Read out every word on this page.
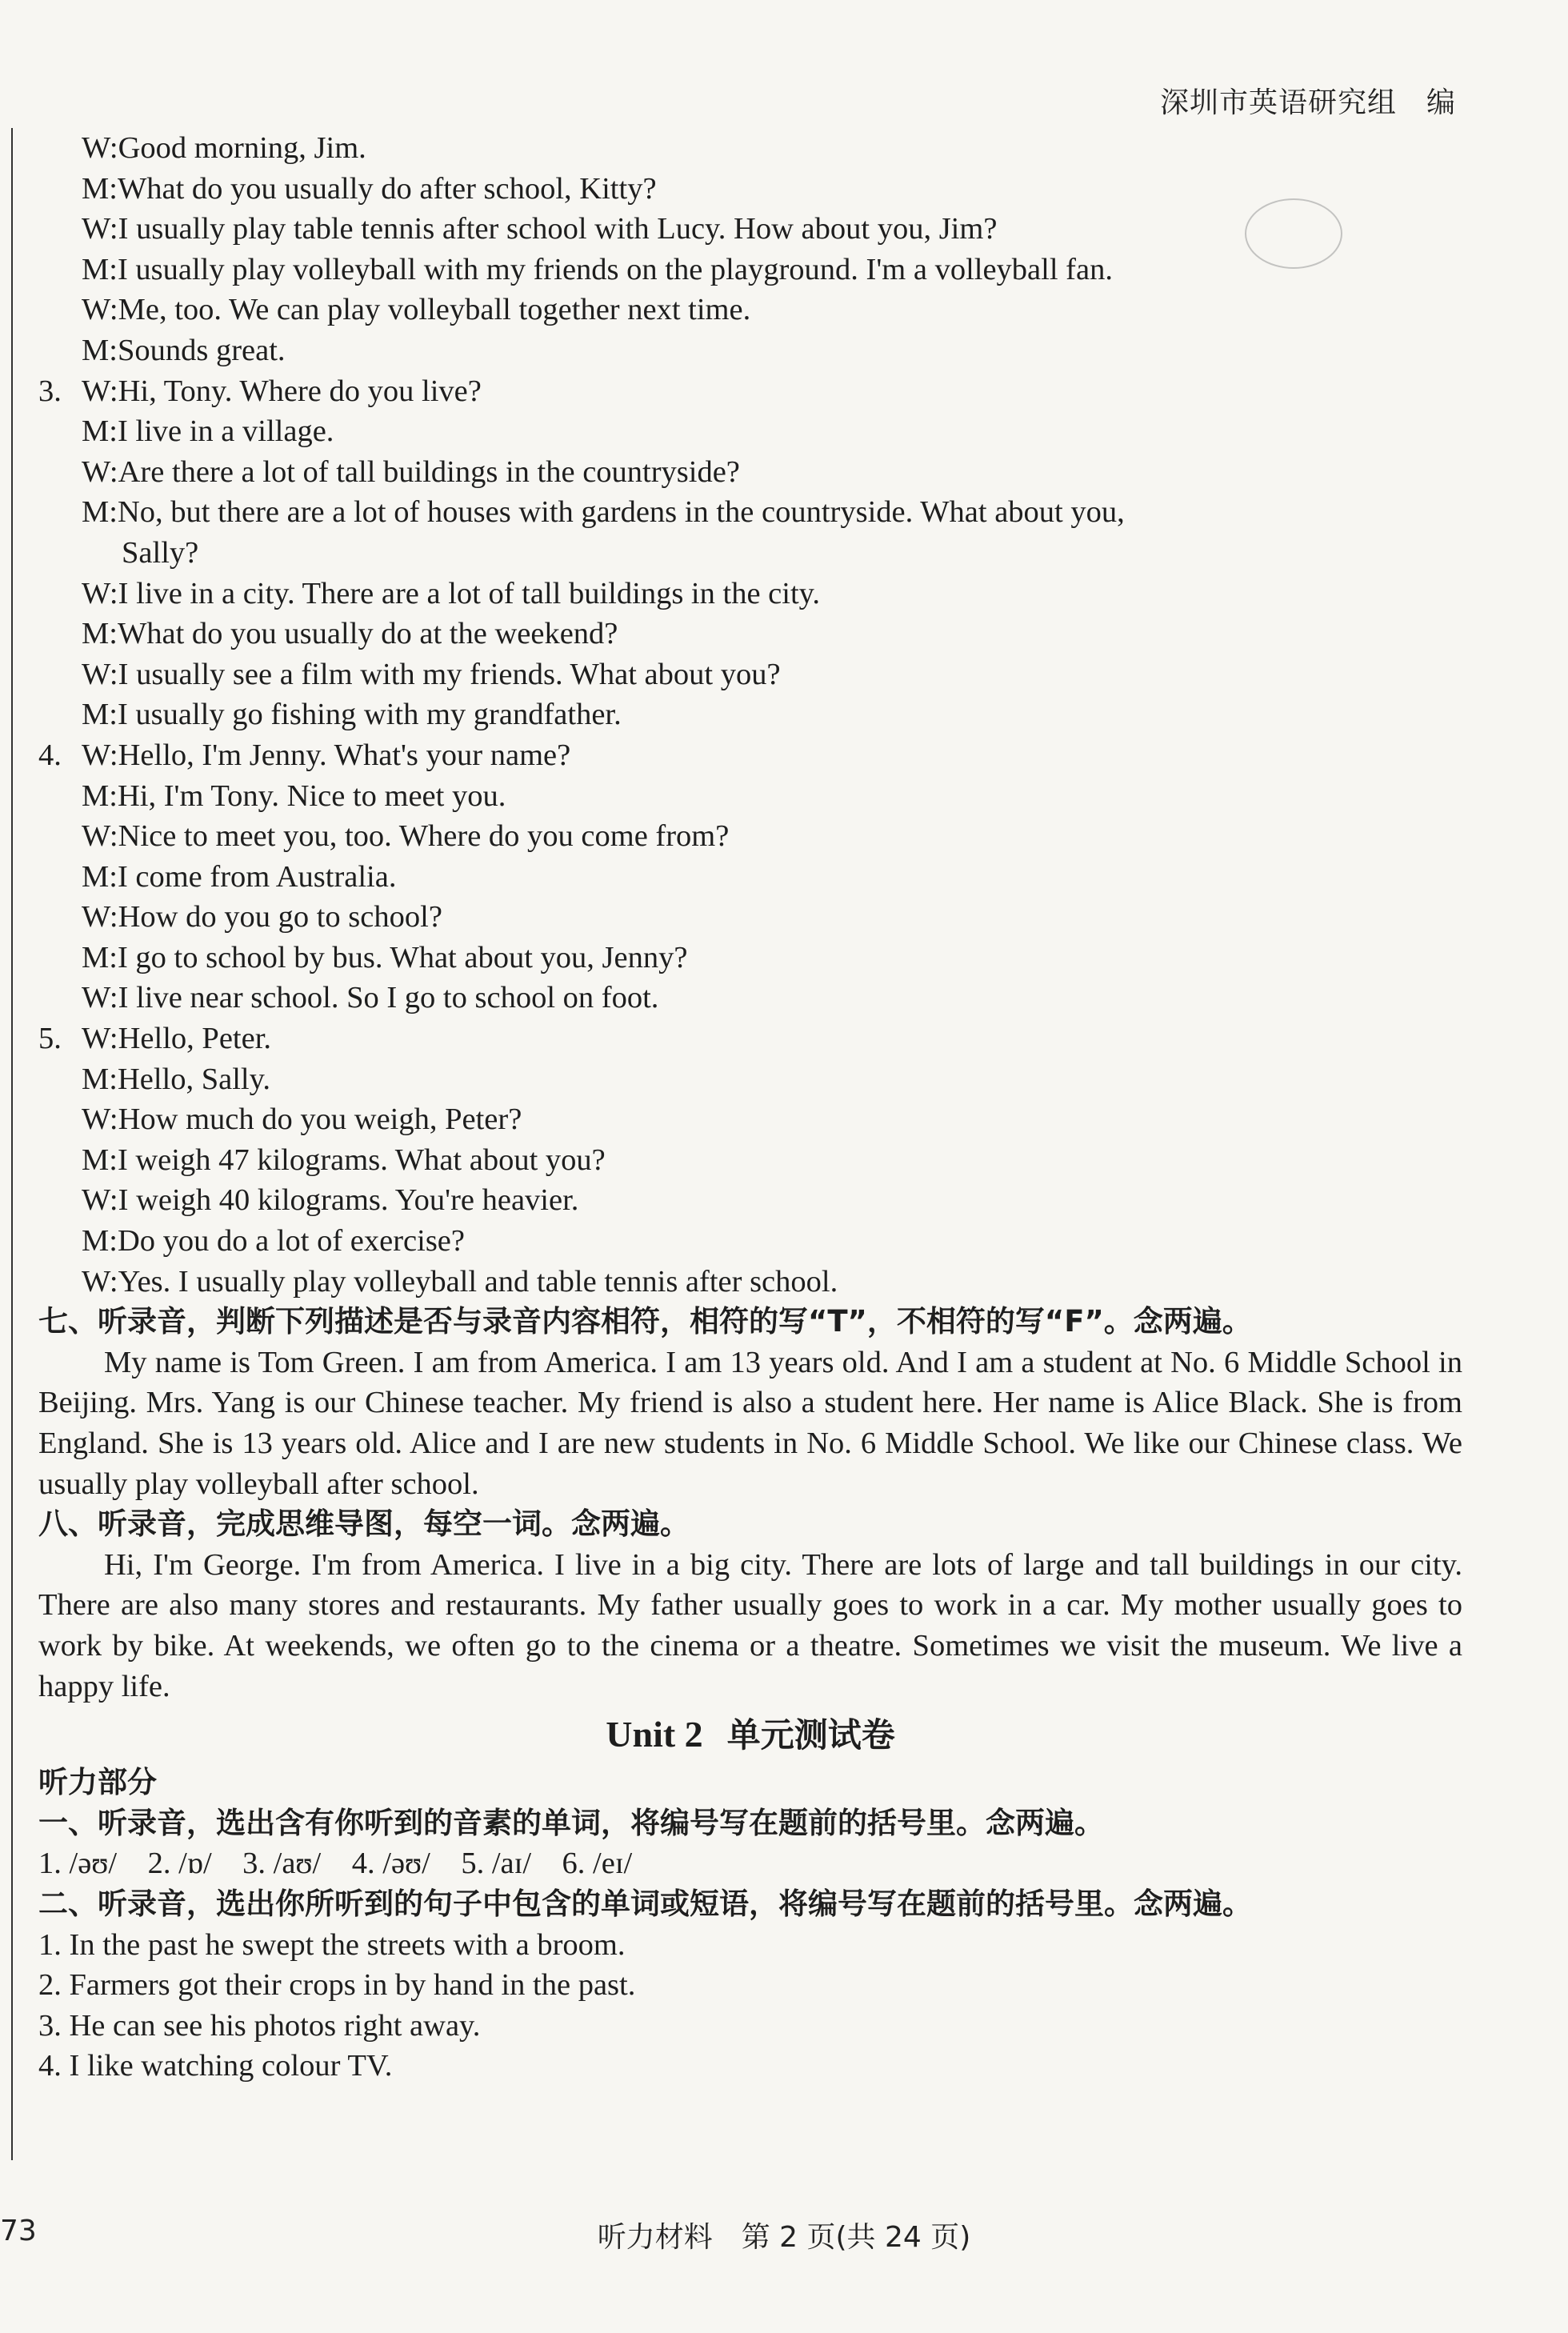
深圳市英语研究组　编
W:Good morning, Jim.
M:What do you usually do after school, Kitty?
W:I usually play table tennis after school with Lucy. How about you, Jim?
M:I usually play volleyball with my friends on the playground. I'm a volleyball fan.
W:Me, too. We can play volleyball together next time.
M:Sounds great.
3. W:Hi, Tony. Where do you live?
M:I live in a village.
W:Are there a lot of tall buildings in the countryside?
M:No, but there are a lot of houses with gardens in the countryside. What about you,
Sally?
W:I live in a city. There are a lot of tall buildings in the city.
M:What do you usually do at the weekend?
W:I usually see a film with my friends. What about you?
M:I usually go fishing with my grandfather.
4. W:Hello, I'm Jenny. What's your name?
M:Hi, I'm Tony. Nice to meet you.
W:Nice to meet you, too. Where do you come from?
M:I come from Australia.
W:How do you go to school?
M:I go to school by bus. What about you, Jenny?
W:I live near school. So I go to school on foot.
5. W:Hello, Peter.
M:Hello, Sally.
W:How much do you weigh, Peter?
M:I weigh 47 kilograms. What about you?
W:I weigh 40 kilograms. You're heavier.
M:Do you do a lot of exercise?
W:Yes. I usually play volleyball and table tennis after school.
七、听录音，判断下列描述是否与录音内容相符，相符的写“T”，不相符的写“F”。念两遍。

My name is Tom Green. I am from America. I am 13 years old. And I am a student at No. 6 Middle School in Beijing. Mrs. Yang is our Chinese teacher. My friend is also a student here. Her name is Alice Black. She is from England. She is 13 years old. Alice and I are new students in No. 6 Middle School. We like our Chinese class. We usually play volleyball after school.

八、听录音，完成思维导图，每空一词。念两遍。

Hi, I'm George. I'm from America. I live in a big city. There are lots of large and tall buildings in our city. There are also many stores and restaurants. My father usually goes to work in a car. My mother usually goes to work by bike. At weekends, we often go to the cinema or a theatre. Sometimes we visit the museum. We live a happy life.

Unit 2 单元测试卷
听力部分
一、听录音，选出含有你听到的音素的单词，将编号写在题前的括号里。念两遍。
1. /əʊ/　2. /ɒ/　3. /aʊ/　4. /əʊ/　5. /aɪ/　6. /eɪ/
二、听录音，选出你所听到的句子中包含的单词或短语，将编号写在题前的括号里。念两遍。
1. In the past he swept the streets with a broom.
2. Farmers got their crops in by hand in the past.
3. He can see his photos right away.
4. I like watching colour TV.
73	听力材料　第 2 页(共 24 页)
